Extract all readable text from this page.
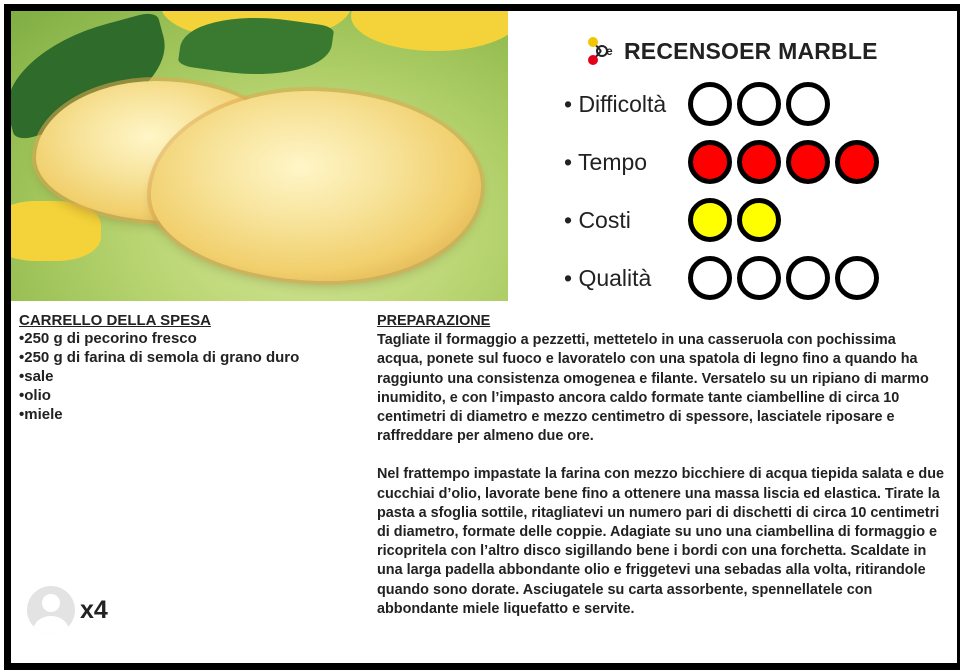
e RECENSOER MARBLE
• Difficoltà
• Tempo
• Costi
• Qualità

CARRELLO DELLA SPESA

•250 g di pecorino fresco
•250 g di farina di semola di grano duro
•sale
•olio
•miele

PREPARAZIONE

Tagliate il formaggio a pezzetti, mettetelo in una casseruola con pochissima acqua, ponete sul fuoco e lavoratelo con una spatola di legno fino a quando ha raggiunto una consistenza omogenea e filante. Versatelo su un ripiano di marmo inumidito, e con l’impasto ancora caldo formate tante ciambelline di circa 10 centimetri di diametro e mezzo centimetro di spessore, lasciatele riposare e raffreddare per almeno due ore.

Nel frattempo impastate la farina con mezzo bicchiere di acqua tiepida salata e due cucchiai d’olio, lavorate bene fino a ottenere una massa liscia ed elastica. Tirate la pasta a sfoglia sottile, ritagliatevi un numero pari di dischetti di circa 10 centimetri di diametro, formate delle coppie. Adagiate su uno una ciambellina di formaggio e ricopritela con l’altro disco sigillando bene i bordi con una forchetta. Scaldate in una larga padella abbondante olio e friggetevi una sebadas alla volta, ritirandole quando sono dorate. Asciugatele su carta assorbente, spennellatele con abbondante miele liquefatto e servite.

x4
